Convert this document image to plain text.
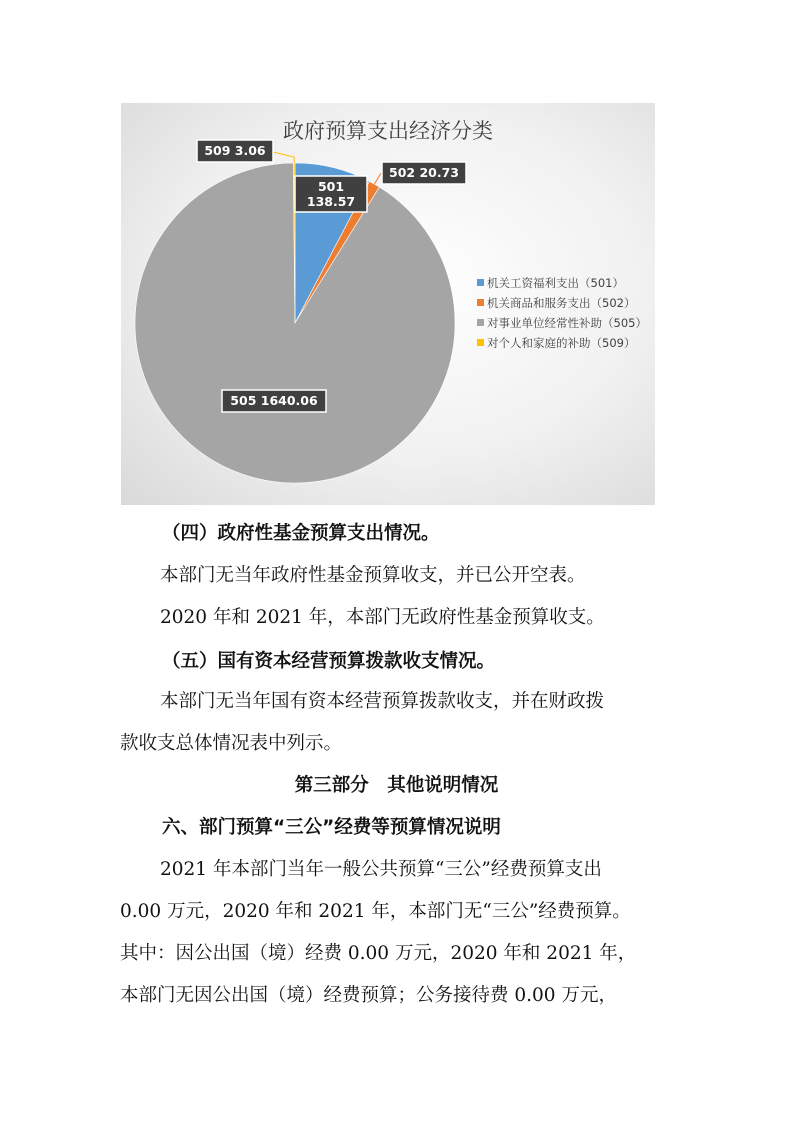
政府预算支出经济分类
501
138.57
502 20.73
509 3.06
505 1640.06
机关工资福利支出（501）
机关商品和服务支出（502）
对事业单位经常性补助（505）
对个人和家庭的补助（509）
（四）政府性基金预算支出情况。
本部门无当年政府性基金预算收支，并已公开空表。
2020 年和 2021 年，本部门无政府性基金预算收支。
（五）国有资本经营预算拨款收支情况。
本部门无当年国有资本经营预算拨款收支，并在财政拨
款收支总体情况表中列示。
第三部分　其他说明情况
六、部门预算“三公”经费等预算情况说明
2021 年本部门当年一般公共预算“三公”经费预算支出
0.00 万元，2020 年和 2021 年，本部门无“三公”经费预算。
其中：因公出国（境）经费 0.00 万元，2020 年和 2021 年，
本部门无因公出国（境）经费预算；公务接待费 0.00 万元，
